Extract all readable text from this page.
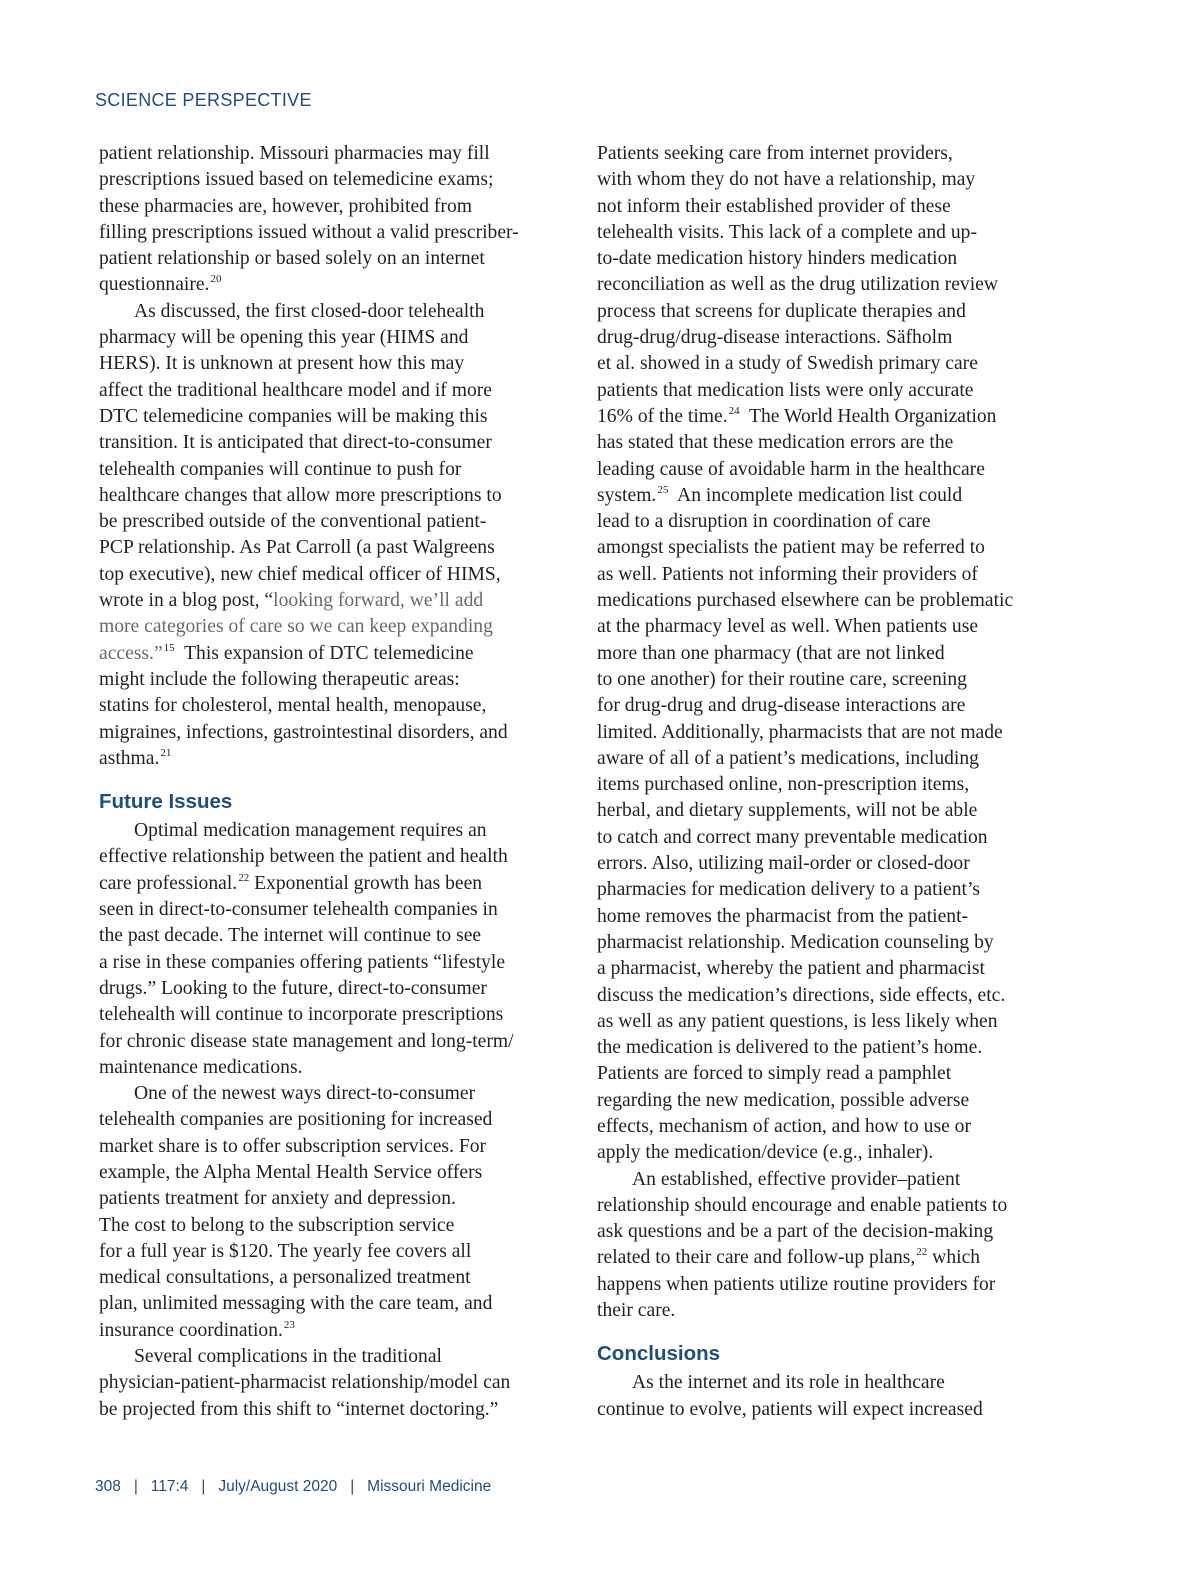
SCIENCE PERSPECTIVE
patient relationship. Missouri pharmacies may fill
prescriptions issued based on telemedicine exams;
these pharmacies are, however, prohibited from
filling prescriptions issued without a valid prescriber-
patient relationship or based solely on an internet
questionnaire.$^{20}$
As discussed, the first closed-door telehealth
pharmacy will be opening this year (HIMS and
HERS). It is unknown at present how this may
affect the traditional healthcare model and if more
DTC telemedicine companies will be making this
transition. It is anticipated that direct-to-consumer
telehealth companies will continue to push for
healthcare changes that allow more prescriptions to
be prescribed outside of the conventional patient-
PCP relationship. As Pat Carroll (a past Walgreens
top executive), new chief medical officer of HIMS,
wrote in a blog post, “looking forward, we’ll add
more categories of care so we can keep expanding
access.”$^{15}$  This expansion of DTC telemedicine
might include the following therapeutic areas:
statins for cholesterol, mental health, menopause,
migraines, infections, gastrointestinal disorders, and
asthma.$^{21}$
Future Issues
Optimal medication management requires an
effective relationship between the patient and health
care professional.$^{22}$ Exponential growth has been
seen in direct-to-consumer telehealth companies in
the past decade. The internet will continue to see
a rise in these companies offering patients “lifestyle
drugs.” Looking to the future, direct-to-consumer
telehealth will continue to incorporate prescriptions
for chronic disease state management and long-term/
maintenance medications.
One of the newest ways direct-to-consumer
telehealth companies are positioning for increased
market share is to offer subscription services. For
example, the Alpha Mental Health Service offers
patients treatment for anxiety and depression.
The cost to belong to the subscription service
for a full year is $120. The yearly fee covers all
medical consultations, a personalized treatment
plan, unlimited messaging with the care team, and
insurance coordination.$^{23}$
Several complications in the traditional
physician-patient-pharmacist relationship/model can
be projected from this shift to “internet doctoring.”
Patients seeking care from internet providers,
with whom they do not have a relationship, may
not inform their established provider of these
telehealth visits. This lack of a complete and up-
to-date medication history hinders medication
reconciliation as well as the drug utilization review
process that screens for duplicate therapies and
drug-drug/drug-disease interactions. Säfholm
et al. showed in a study of Swedish primary care
patients that medication lists were only accurate
16% of the time.$^{24}$  The World Health Organization
has stated that these medication errors are the
leading cause of avoidable harm in the healthcare
system.$^{25}$  An incomplete medication list could
lead to a disruption in coordination of care
amongst specialists the patient may be referred to
as well. Patients not informing their providers of
medications purchased elsewhere can be problematic
at the pharmacy level as well. When patients use
more than one pharmacy (that are not linked
to one another) for their routine care, screening
for drug-drug and drug-disease interactions are
limited. Additionally, pharmacists that are not made
aware of all of a patient’s medications, including
items purchased online, non-prescription items,
herbal, and dietary supplements, will not be able
to catch and correct many preventable medication
errors. Also, utilizing mail-order or closed-door
pharmacies for medication delivery to a patient’s
home removes the pharmacist from the patient-
pharmacist relationship. Medication counseling by
a pharmacist, whereby the patient and pharmacist
discuss the medication’s directions, side effects, etc.
as well as any patient questions, is less likely when
the medication is delivered to the patient’s home.
Patients are forced to simply read a pamphlet
regarding the new medication, possible adverse
effects, mechanism of action, and how to use or
apply the medication/device (e.g., inhaler).
An established, effective provider–patient
relationship should encourage and enable patients to
ask questions and be a part of the decision-making
related to their care and follow-up plans,$^{22}$ which
happens when patients utilize routine providers for
their care.
Conclusions
As the internet and its role in healthcare
continue to evolve, patients will expect increased
308 | 117:4 | July/August 2020 | Missouri Medicine
